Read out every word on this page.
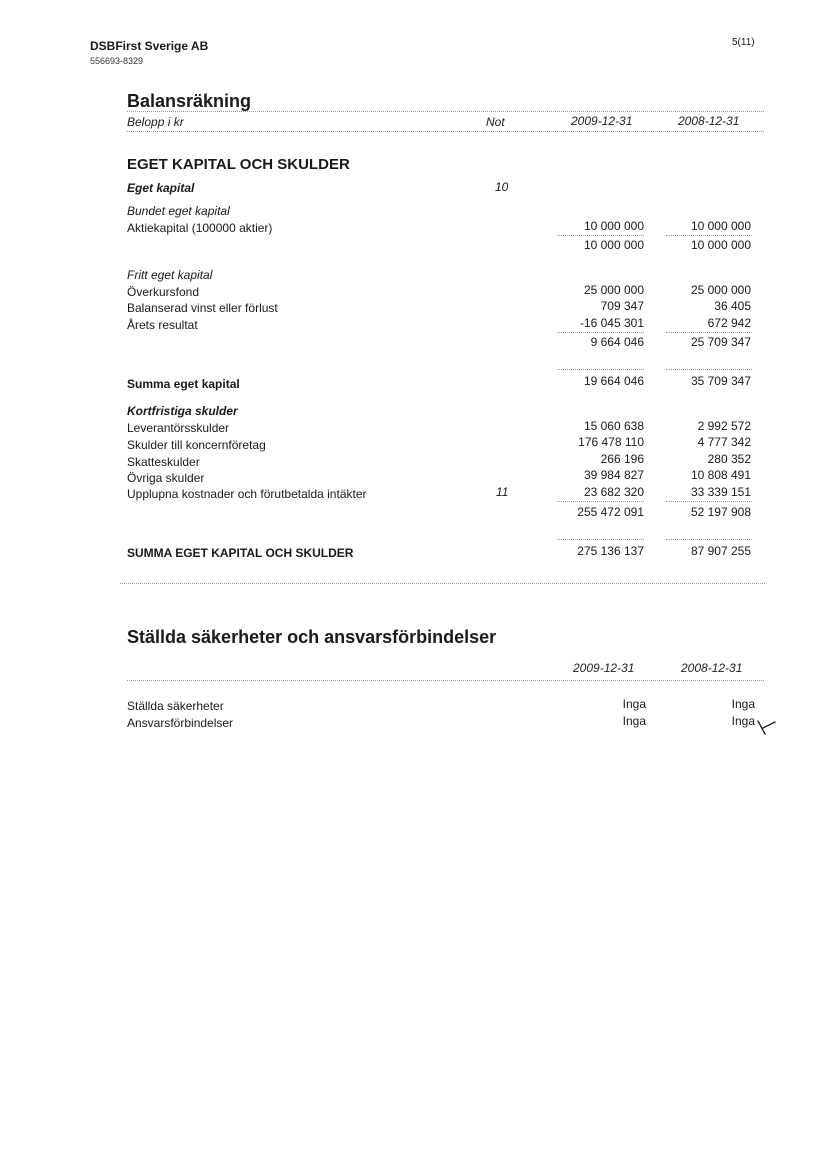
DSBFirst Sverige AB
556693-8329
5(11)
Balansräkning
Belopp i kr	Not	2009-12-31	2008-12-31
EGET KAPITAL OCH SKULDER
Eget kapital	10
Bundet eget kapital
Aktiekapital (100000 aktier)	10 000 000	10 000 000
10 000 000	10 000 000
Fritt eget kapital
Överkursfond	25 000 000	25 000 000
Balanserad vinst eller förlust	709 347	36 405
Årets resultat	-16 045 301	672 942
9 664 046	25 709 347
Summa eget kapital	19 664 046	35 709 347
Kortfristiga skulder
Leverantörsskulder	15 060 638	2 992 572
Skulder till koncernföretag	176 478 110	4 777 342
Skatteskulder	266 196	280 352
Övriga skulder	39 984 827	10 808 491
Upplupna kostnader och förutbetalda intäkter	11	23 682 320	33 339 151
255 472 091	52 197 908
SUMMA EGET KAPITAL OCH SKULDER	275 136 137	87 907 255
Ställda säkerheter och ansvarsförbindelser
2009-12-31	2008-12-31
Ställda säkerheter	Inga	Inga
Ansvarsförbindelser	Inga	Inga
